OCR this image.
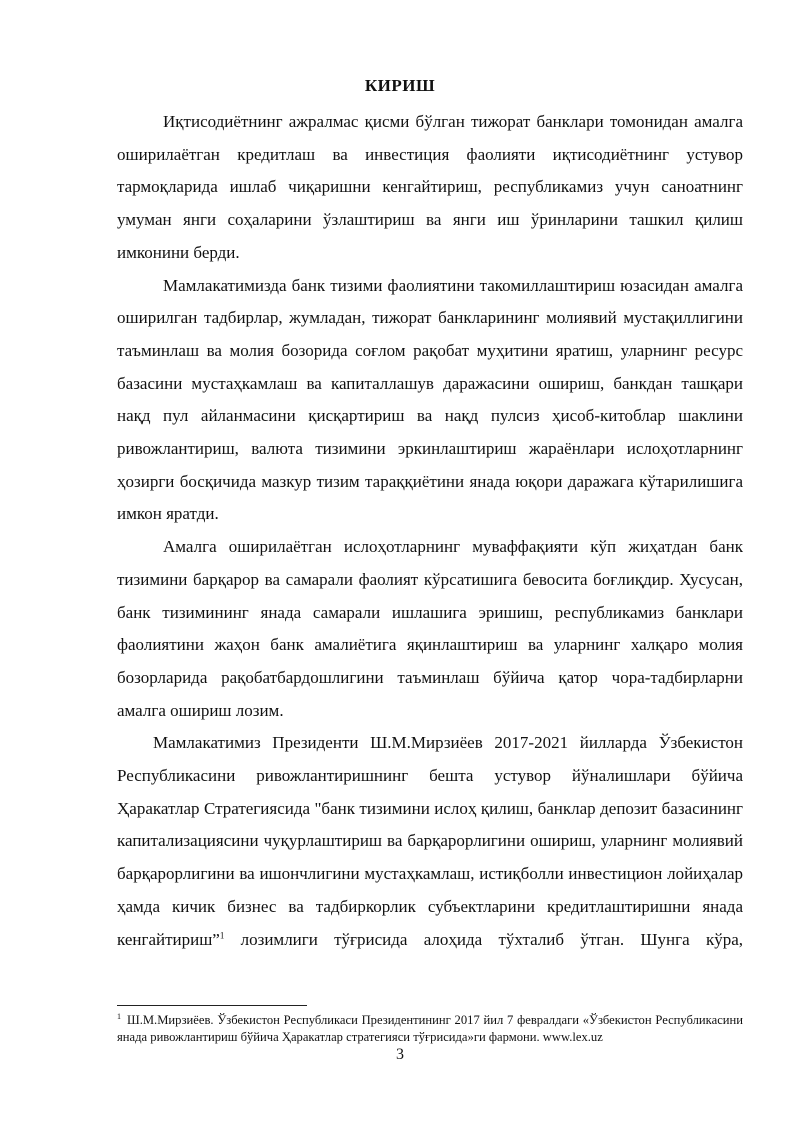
КИРИШ

Иқтисодиётнинг ажралмас қисми бўлган тижорат банклари томонидан амалга оширилаётган кредитлаш ва инвестиция фаолияти иқтисодиётнинг устувор тармоқларида ишлаб чиқаришни кенгайтириш, республикамиз учун саноатнинг умуман янги соҳаларини ўзлаштириш ва янги иш ўринларини ташкил қилиш имконини берди.

Мамлакатимизда банк тизими фаолиятини такомиллаштириш юзасидан амалга оширилган тадбирлар, жумладан, тижорат банкларининг молиявий мустақиллигини таъминлаш ва молия бозорида соғлом рақобат муҳитини яратиш, уларнинг ресурс базасини мустаҳкамлаш ва капиталлашув даражасини ошириш, банкдан ташқари нақд пул айланмасини қисқартириш ва нақд пулсиз ҳисоб-китоблар шаклини ривожлантириш, валюта тизимини эркинлаштириш жараёнлари ислоҳотларнинг ҳозирги босқичида мазкур тизим тараққиётини янада юқори даражага кўтарилишига имкон яратди.

Амалга оширилаётган ислоҳотларнинг муваффақияти кўп жиҳатдан банк тизимини барқарор ва самарали фаолият кўрсатишига бевосита боғлиқдир. Хусусан, банк тизимининг янада самарали ишлашига эришиш, республикамиз банклари фаолиятини жаҳон банк амалиётига яқинлаштириш ва уларнинг халқаро молия бозорларида рақобатбардошлигини таъминлаш бўйича қатор чора-тадбирларни амалга ошириш лозим.

Мамлакатимиз Президенти Ш.М.Мирзиёев 2017-2021 йилларда Ўзбекистон Республикасини ривожлантиришнинг бешта устувор йўналишлари бўйича Ҳаракатлар Стратегиясида "банк тизимини ислоҳ қилиш, банклар депозит базасининг капитализациясини чуқурлаштириш ва барқарорлигини ошириш, уларнинг молиявий барқарорлигини ва ишончлигини мустаҳкамлаш, истиқболли инвестицион лойиҳалар ҳамда кичик бизнес ва тадбиркорлик субъектларини кредитлаштиришни янада кенгайтириш”$^1$ лозимлиги тўғрисида алоҳида тўхталиб ўтган. Шунга кўра,

$^1$ Ш.М.Мирзиёев. Ўзбекистон Республикаси Президентининг 2017 йил 7 февралдаги «Ўзбекистон Республикасини янада ривожлантириш бўйича Ҳаракатлар стратегияси тўғрисида»ги фармони. www.lex.uz
3
